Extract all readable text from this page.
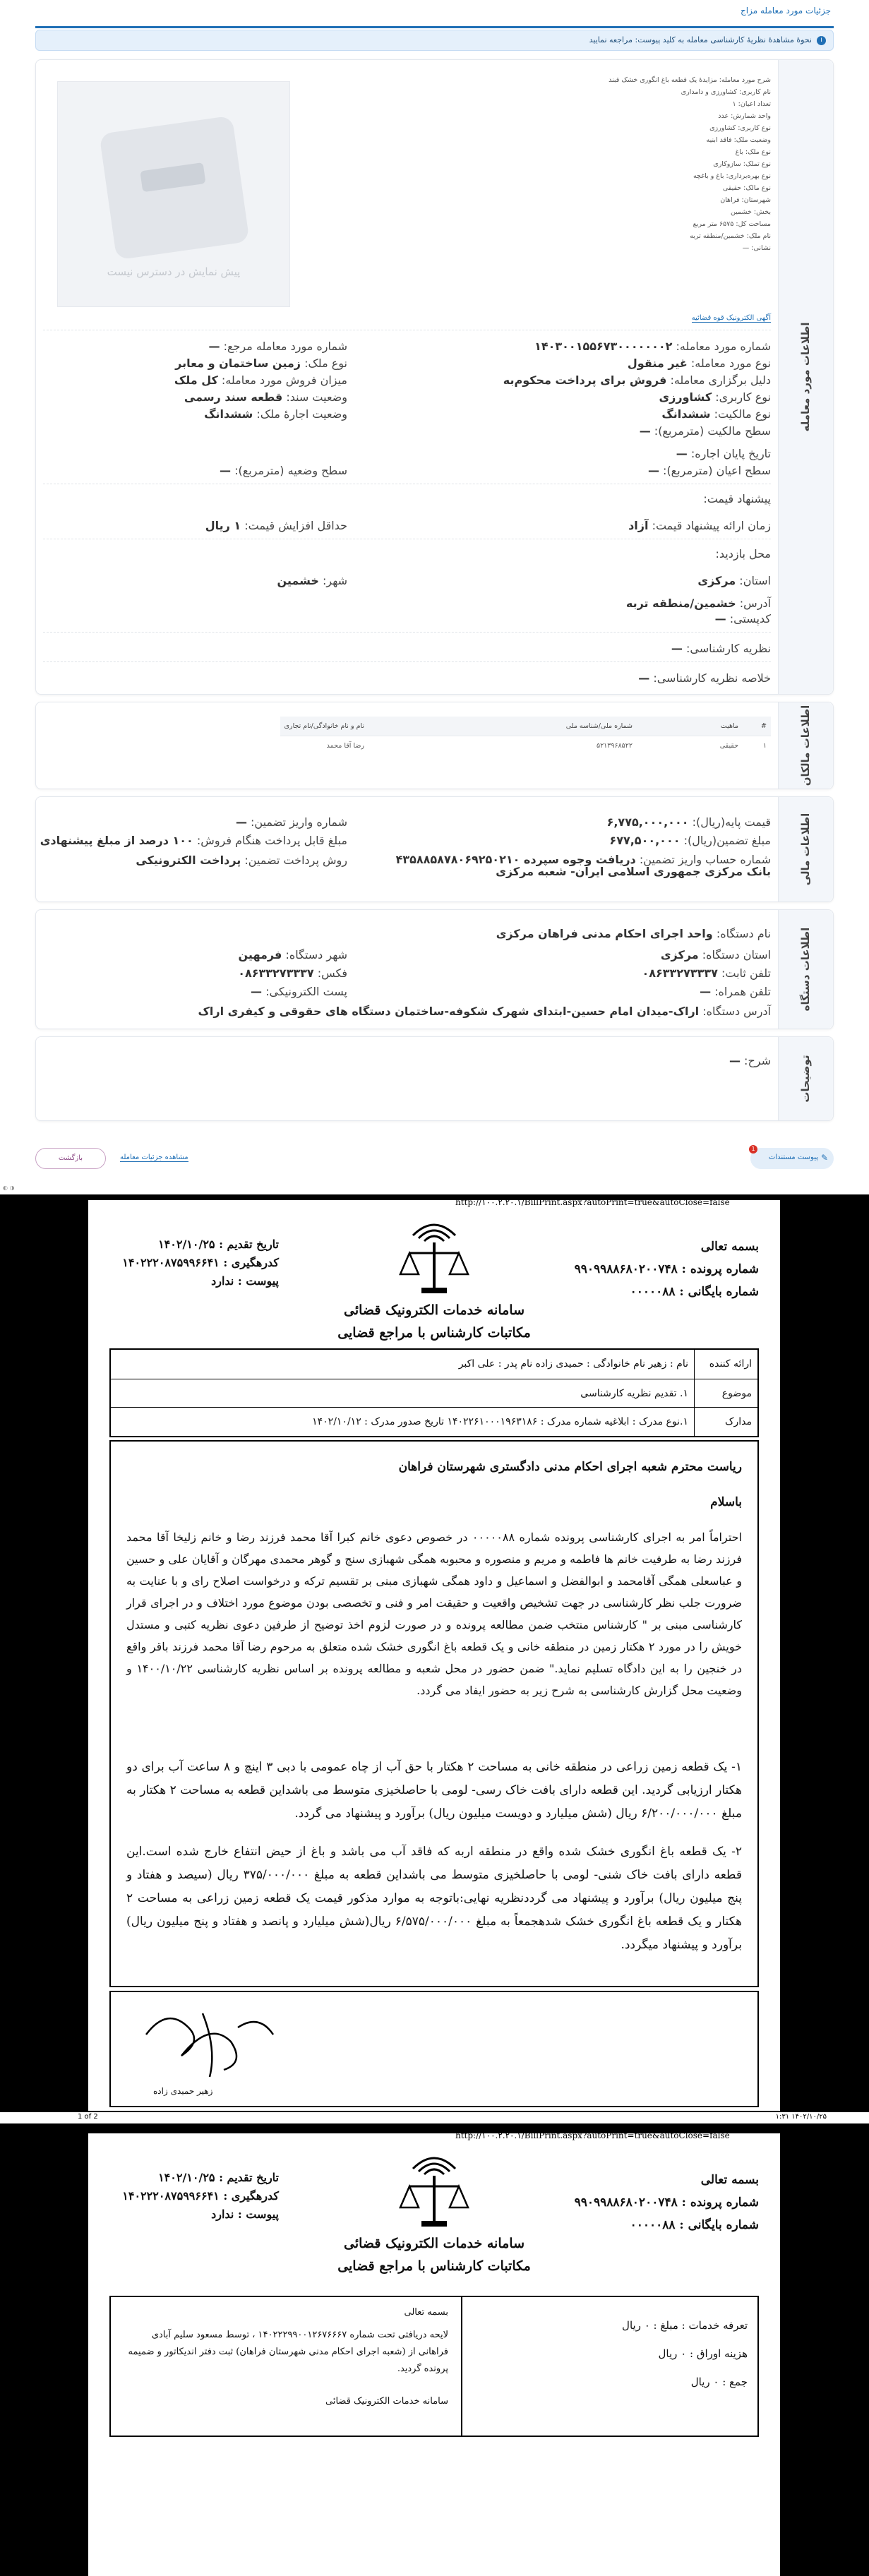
جزئیات مورد معامله مزاج
i
نحوهٔ مشاهدهٔ نظریهٔ کارشناسی معامله به کلید پیوست: مراجعه نمایید
اطلاعات مورد معامله
شرح مورد معامله: مزایدهٔ یک قطعه باغ انگوری خشک قبند
نام کاربری: کشاورزی و دامداری
تعداد اعیان: ۱
واحد شمارش: عدد
نوع کاربری: کشاورزی
وضعیت ملک: فاقد ابنیه
نوع ملک: باغ
نوع تملک: سازوکاری
نوع بهره‌برداری: باغ و باغچه
نوع مالک: حقیقی
شهرستان: فراهان
بخش: خشمین
مساحت کل: ۶۵۷۵ متر مربع
نام ملک: خشمین/منطقه تربه
نشانی: —
پیش نمایش در دسترس نیست
آگهی الکترونیک قوه قضائیه
شماره مورد معامله: ۱۴۰۳۰۰۱۵۵۶۷۳۰۰۰۰۰۰۰۲
شماره مورد معامله مرجع: —
نوع مورد معامله: غیر منقول
نوع ملک: زمین ساختمان و معابر
دلیل برگزاری معامله: فروش برای پرداخت محکوم‌به
میزان فروش مورد معامله: کل ملک
نوع کاربری: کشاورزی
وضعیت سند: قطعه سند رسمی
نوع مالکیت: ششدانگ
وضعیت اجارهٔ ملک: ششدانگ
سطح مالکیت (مترمربع): —
تاریخ پایان اجاره: —
سطح اعیان (مترمربع): —
سطح وضعیه (مترمربع): —
پیشنهاد قیمت:
زمان ارائه پیشنهاد قیمت: آزاد
حداقل افزایش قیمت: ۱ ریال
محل بازدید:
استان: مرکزی
شهر: خشمین
آدرس: خشمین/منطقه تربه
کدپستی: —
نظریه کارشناسی: —
خلاصه نظریه کارشناسی: —
اطلاعات مالکان
#	ماهیت	شماره ملی/شناسه ملی	نام و نام خانوادگی/نام تجاری
۱	حقیقی	۵۲۱۳۹۶۸۵۲۲	رضا آقا محمد
اطلاعات مالی
قیمت پایه(ریال): ۶,۷۷۵,۰۰۰,۰۰۰
شماره واریز تضمین: —
مبلغ تضمین(ریال): ۶۷۷,۵۰۰,۰۰۰
مبلغ قابل پرداخت هنگام فروش: ۱۰۰ درصد از مبلغ پیشنهادی
شماره حساب واریز تضمین: دریافت وجوه سپرده ۴۳۵۸۸۵۸۷۸۰۶۹۲۵۰۲۱۰ بانک مرکزی جمهوری اسلامی ایران- شعبه مرکزی
روش پرداخت تضمین: پرداخت الکترونیکی
اطلاعات دستگاه
نام دستگاه: واحد اجرای احکام مدنی فراهان مرکزی
استان دستگاه: مرکزی
شهر دستگاه: فرمهین
تلفن ثابت: ۰۸۶۳۳۲۷۳۳۳۷
فکس: ۰۸۶۳۳۲۷۳۳۳۷
تلفن همراه: —
پست الکترونیکی: —
آدرس دستگاه: اراک-میدان امام حسین-ابتدای شهرک شکوفه-ساختمان دستگاه های حقوقی و کیفری اراک
توضیحات
شرح: —
1
✎
پیوست مستندات
مشاهده جزئیات معامله
بازگشت
◐ ◑
http://۱۰۰.۲.۲۰.۱/BillPrint.aspx?autoPrint=true&autoClose=false
بسمه تعالی
شماره پرونده : ۹۹۰۹۹۸۸۶۸۰۲۰۰۷۴۸
شماره بایگانی : ۰۰۰۰۰۸۸
تاریخ تقدیم : ۱۴۰۲/۱۰/۲۵
کدرهگیری : ۱۴۰۲۲۲۰۸۷۵۹۹۶۶۴۱
پیوست : ندارد
سامانه خدمات الکترونیک قضائی
مکاتبات کارشناس با مراجع قضایی
ارائه کننده
نام : زهیر نام خانوادگی : حمیدی زاده نام پدر : علی اکبر
موضوع
۱. تقدیم نظریه کارشناسی
مدارک
۱.نوع مدرک : ابلاغیه شماره مدرک : ۱۴۰۲۲۶۱۰۰۰۱۹۶۳۱۸۶ تاریخ صدور مدرک : ۱۴۰۲/۱۰/۱۲
ریاست محترم شعبه اجرای احکام مدنی دادگستری شهرستان فراهان
باسلام
احتراماً امر به اجرای کارشناسی پرونده شماره ۰۰۰۰۰۸۸ در خصوص دعوی خانم کبرا آقا محمد فرزند رضا و خانم زلیخا آقا محمد فرزند رضا به طرفیت خانم ها فاطمه و مریم و منصوره و محبوبه همگی شهبازی سنج و گوهر محمدی مهرگان و آقایان علی و حسین و عباسعلی همگی آقامحمد و ابوالفضل و اسماعیل و داود همگی شهبازی مبنی بر تقسیم ترکه و درخواست اصلاح رای و با عنایت به ضرورت جلب نظر کارشناسی در جهت تشخیص واقعیت و حقیقت امر و فنی و تخصصی بودن موضوع مورد اختلاف و در اجرای قرار کارشناسی مبنی بر " کارشناس منتخب ضمن مطالعه پرونده و در صورت لزوم اخذ توضیح از طرفین دعوی نظریه کتبی و مستدل خویش را در مورد ۲ هکتار زمین در منطقه خانی و یک قطعه باغ انگوری خشک شده متعلق به مرحوم رضا آقا محمد فرزند باقر واقع در خنجین را به این دادگاه تسلیم نماید." ضمن حضور در محل شعبه و مطالعه پرونده بر اساس نظریه کارشناسی ۱۴۰۰/۱۰/۲۲ و وضعیت محل گزارش کارشناسی به شرح زیر به حضور ایفاد می گردد.
۱- یک قطعه زمین زراعی در منطقه خانی به مساحت ۲ هکتار با حق آب از چاه عمومی با دبی ۳ اینچ و ۸ ساعت آب برای دو هکتار ارزیابی گردید. این قطعه دارای بافت خاک رسی- لومی با حاصلخیزی متوسط می باشداین قطعه به مساحت ۲ هکتار به مبلغ ۶/۲۰۰/۰۰۰/۰۰۰ ریال (شش میلیارد و دویست میلیون ریال) برآورد و پیشنهاد می گردد.
۲- یک قطعه باغ انگوری خشک شده واقع در منطقه اربه که فاقد آب می باشد و باغ از حیض انتفاع خارج شده است.این قطعه دارای بافت خاک شنی- لومی با حاصلخیزی متوسط می باشداین قطعه به مبلغ ۳۷۵/۰۰۰/۰۰۰ ریال (سیصد و هفتاد و پنج میلیون ریال) برآورد و پیشنهاد می گرددنظریه نهایی:باتوجه به موارد مذکور قیمت یک قطعه زمین زراعی به مساحت ۲ هکتار و یک قطعه باغ انگوری خشک شدهجمعاً به مبلغ ۶/۵۷۵/۰۰۰/۰۰۰ ریال(شش میلیارد و پانصد و هفتاد و پنج میلیون ریال) برآورد و پیشنهاد میگردد.
زهیر حمیدی زاده
1 of 2	۱:۳۱ ۱۴۰۲/۱۰/۲۵
http://۱۰۰.۲.۲۰.۱/BillPrint.aspx?autoPrint=true&autoClose=false
بسمه تعالی
شماره پرونده : ۹۹۰۹۹۸۸۶۸۰۲۰۰۷۴۸
شماره بایگانی : ۰۰۰۰۰۸۸
تاریخ تقدیم : ۱۴۰۲/۱۰/۲۵
کدرهگیری : ۱۴۰۲۲۲۰۸۷۵۹۹۶۶۴۱
پیوست : ندارد
سامانه خدمات الکترونیک قضائی
مکاتبات کارشناس با مراجع قضایی
تعرفه خدمات : مبلغ : ۰ ریال
هزینه اوراق : ۰ ریال
جمع : ۰ ریال
بسمه تعالی
لایحه دریافتی تحت شماره ۱۴۰۲۲۲۹۹۰۰۱۲۶۷۶۶۶۷ ، توسط مسعود سلیم آبادی فراهانی از (شعبه اجرای احکام مدنی شهرستان فراهان) ثبت دفتر اندیکاتور و ضمیمه پرونده گردید.
سامانه خدمات الکترونیک قضائی
